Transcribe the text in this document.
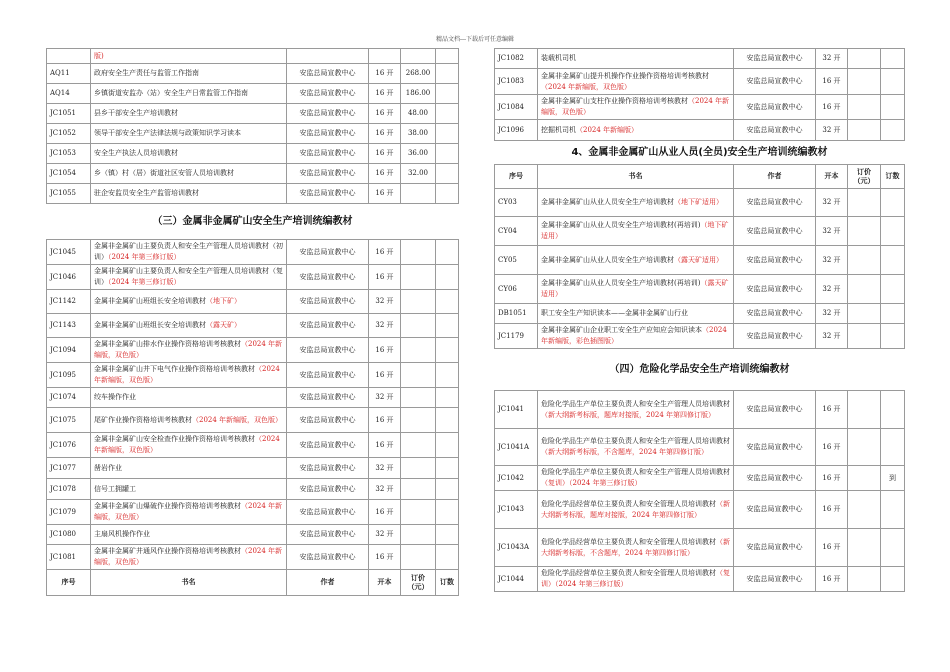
精品文档---下载后可任意编辑
	版)				
AQ11	政府安全生产责任与监管工作指南	安监总局宣教中心	16 开	268.00	
AQ14	乡镇街道安监办（站）安全生产日常监管工作指南	安监总局宣教中心	16 开	186.00	
JC1051	县乡干部安全生产培训教材	安监总局宣教中心	16 开	48.00	
JC1052	领导干部安全生产法律法规与政策知识学习读本	安监总局宣教中心	16 开	38.00	
JC1053	安全生产执法人员培训教材	安监总局宣教中心	16 开	36.00	
JC1054	乡（镇）村（居）街道社区安管人员培训教材	安监总局宣教中心	16 开	32.00	
JC1055	驻企安监员安全生产监管培训教材	安监总局宣教中心	16 开		
（三）金属非金属矿山安全生产培训统编教材					
JC1045	金属非金属矿山主要负责人和安全生产管理人员培训教材（初训）（2024 年第三修订版）	安监总局宣教中心	16 开		
JC1046	金属非金属矿山主要负责人和安全生产管理人员培训教材（复训）（2024 年第三修订版）	安监总局宣教中心	16 开		
JC1142	金属非金属矿山班组长安全培训教材（地下矿）	安监总局宣教中心	32 开		
JC1143	金属非金属矿山班组长安全培训教材（露天矿）	安监总局宣教中心	32 开		
JC1094	金属非金属矿山排水作业操作资格培训考核教材（2024 年新编版，双色版）	安监总局宣教中心	16 开		
JC1095	金属非金属矿山井下电气作业操作资格培训考核教材（2024 年新编版，双色版）	安监总局宣教中心	16 开		
JC1074	绞车操作作业	安监总局宣教中心	32 开		
JC1075	尾矿作业操作资格培训考核教材（2024 年新编版，双色版）	安监总局宣教中心	16 开		
JC1076	金属非金属矿山安全检查作业操作资格培训考核教材（2024 年新编版，双色版）	安监总局宣教中心	16 开		
JC1077	凿岩作业	安监总局宣教中心	32 开		
JC1078	信号工拥罐工	安监总局宣教中心	32 开		
JC1079	金属非金属矿山爆破作业操作资格培训考核教材（2024 年新编版，双色版）	安监总局宣教中心	16 开		
JC1080	主扇风机操作作业	安监总局宣教中心	32 开		
JC1081	金属非金属矿井通风作业操作资格培训考核教材（2024 年新编版，双色版）	安监总局宣教中心	16 开		
序号	书名	作者	开本	订价（元）	订数
JC1082	装载机司机	安监总局宣教中心	32 开		
JC1083	金属非金属矿山提升机操作作业操作资格培训考核教材（2024 年新编版，双色版）	安监总局宣教中心	16 开		
JC1084	金属非金属矿山支柱作业操作资格培训考核教材（2024 年新编版，双色版）	安监总局宣教中心	16 开		
JC1096	挖掘机司机（2024 年新编版）	安监总局宣教中心	32 开		
4、金属非金属矿山从业人员(全员)安全生产培训统编教材					
序号	书名	作者	开本	订价（元）	订数
CY03	金属非金属矿山从业人员安全生产培训教材（地下矿适用）	安监总局宣教中心	32 开		
CY04	金属非金属矿山从业人员安全生产培训教材(再培训)（地下矿适用）	安监总局宣教中心	32 开		
CY05	金属非金属矿山从业人员安全生产培训教材（露天矿适用）	安监总局宣教中心	32 开		
CY06	金属非金属矿山从业人员安全生产培训教材(再培训)（露天矿适用）	安监总局宣教中心	32 开		
DB1051	职工安全生产知识读本——金属非金属矿山行业	安监总局宣教中心	32 开		
JC1179	金属非金属矿山企业职工安全生产应知应会知识读本（2024 年新编版，彩色插图版）	安监总局宣教中心	32 开		
（四）危险化学品安全生产培训统编教材					
JC1041	危险化学品生产单位主要负责人和安全生产管理人员培训教材（新大纲新考标版，题库对接版，2024 年第四修订版）	安监总局宣教中心	16 开		
JC1041A	危险化学品生产单位主要负责人和安全生产管理人员培训教材（新大纲新考标版，不含题库，2024 年第四修订版）	安监总局宣教中心	16 开		
JC1042	危险化学品生产单位主要负责人和安全生产管理人员培训教材（复训）（2024 年第三修订版）	安监总局宣教中心	16 开		到
JC1043	危险化学品经营单位主要负责人和安全管理人员培训教材（新大纲新考标版，题库对接版，2024 年第四修订版）	安监总局宣教中心	16 开		
JC1043A	危险化学品经营单位主要负责人和安全管理人员培训教材（新大纲新考标版，不含题库，2024 年第四修订版）	安监总局宣教中心	16 开		
JC1044	危险化学品经营单位主要负责人和安全管理人员培训教材（复训）（2024 年第三修订版）	安监总局宣教中心	16 开		
